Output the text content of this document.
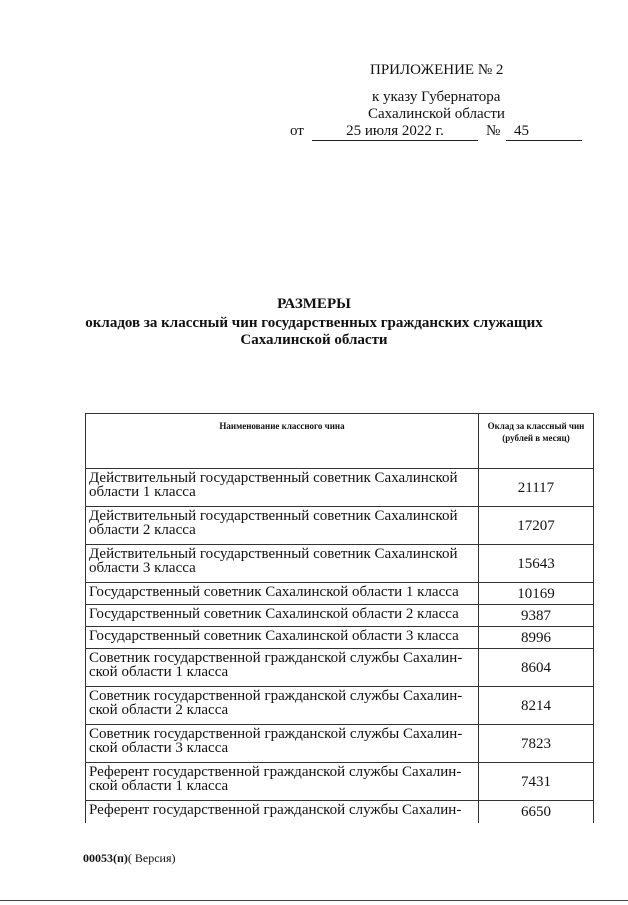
ПРИЛОЖЕНИЕ № 2
к указу Губернатора
Сахалинской области
от	25 июля 2022 г.	№ 45
РАЗМЕРЫ
окладов за классный чин государственных гражданских служащих
Сахалинской области
Наименование классного чина	Оклад за классный чин (рублей в месяц)
Действительный государственный советник Сахалинской области 1 класса	21117
Действительный государственный советник Сахалинской области 2 класса	17207
Действительный государственный советник Сахалинской области 3 класса	15643
Государственный советник Сахалинской области 1 класса	10169
Государственный советник Сахалинской области 2 класса	9387
Государственный советник Сахалинской области 3 класса	8996
Советник государственной гражданской службы Сахалин-ской области 1 класса	8604
Советник государственной гражданской службы Сахалин-ской области 2 класса	8214
Советник государственной гражданской службы Сахалин-ской области 3 класса	7823
Референт государственной гражданской службы Сахалин-ской области 1 класса	7431
Референт государственной гражданской службы Сахалин-	6650
00053(п)( Версия)
